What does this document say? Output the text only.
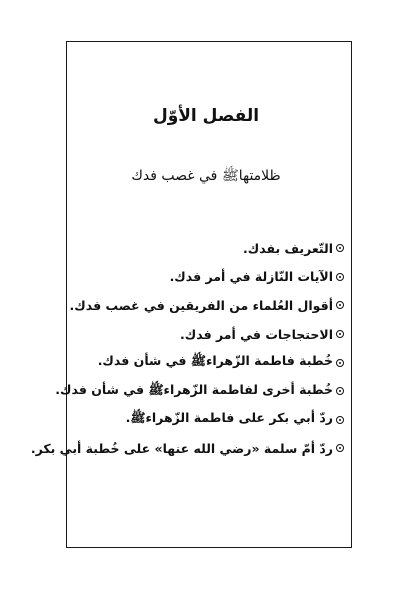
الفصل الأوّل
ظلامتهاﷺ في غصب فدك
التّعريف بفدك.
الآيات النّازلة في أمر فدك.
أقوال العُلماء من الفريقين في غصب فدك.
الاحتجاجات في أمر فدك.
خُطبة فاطمة الزّهراءﷺ في شأن فدك.
خُطبة أخرى لفاطمة الزّهراءﷺ في شأن فدك.
ردّ أبي بكر على فاطمة الزّهراءﷺ.
ردّ أمّ سلمة «رضي الله عنها» على خُطبة أبي بكر.
